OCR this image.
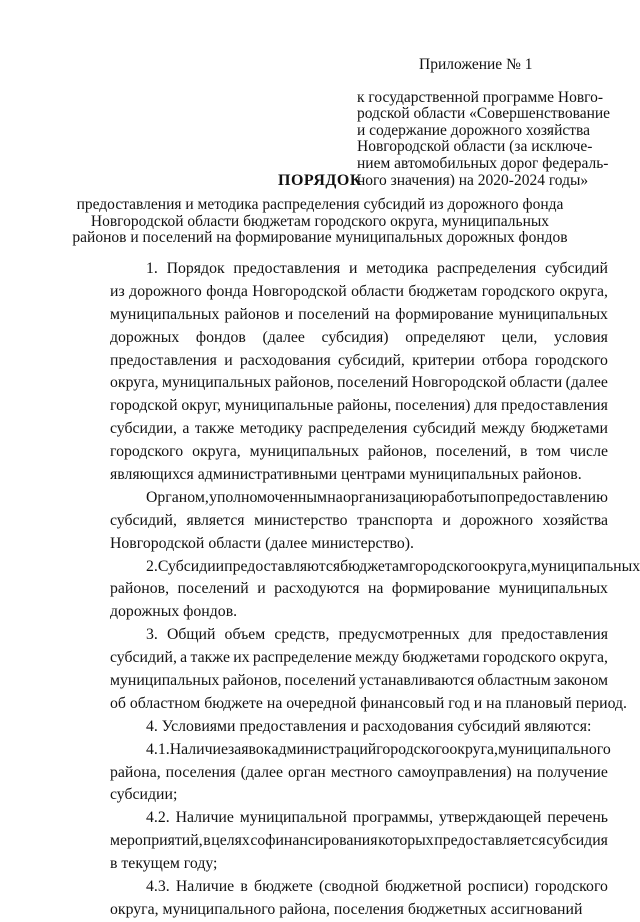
Приложение № 1
к государственной программе Новго-
родской области «Совершенствование
и содержание дорожного хозяйства
Новгородской области (за исключе-
нием автомобильных дорог федераль-
ного значения) на 2020-2024 годы»
ПОРЯДОК
предоставления и методика распределения субсидий из дорожного фонда
Новгородской области бюджетам городского округа, муниципальных
районов и поселений на формирование муниципальных дорожных фондов
1. Порядок предоставления и методика распределения субсидий
из дорожного фонда Новгородской области бюджетам городского округа,
муниципальных районов и поселений на формирование муниципальных
дорожных фондов (далее субсидия) определяют цели, условия
предоставления и расходования субсидий, критерии отбора городского
округа, муниципальных районов, поселений Новгородской области (далее
городской округ, муниципальные районы, поселения) для предоставления
субсидии, а также методику распределения субсидий между бюджетами
городского округа, муниципальных районов, поселений, в том числе
являющихся административными центрами муниципальных районов.
Органом, уполномоченным на организацию работы по предоставлению
субсидий, является министерство транспорта и дорожного хозяйства
Новгородской области (далее министерство).
2. Субсидии предоставляются бюджетам городского округа, муниципальных
районов, поселений и расходуются на формирование муниципальных
дорожных фондов.
3. Общий объем средств, предусмотренных для предоставления
субсидий, а также их распределение между бюджетами городского округа,
муниципальных районов, поселений устанавливаются областным законом
об областном бюджете на очередной финансовый год и на плановый период.
4. Условиями предоставления и расходования субсидий являются:
4.1. Наличие заявок администраций городского округа, муниципального
района, поселения (далее орган местного самоуправления) на получение
субсидии;
4.2. Наличие муниципальной программы, утверждающей перечень
мероприятий, в целях софинансирования которых предоставляется субсидия
в текущем году;
4.3. Наличие в бюджете (сводной бюджетной росписи) городского
округа, муниципального района, поселения бюджетных ассигнований
